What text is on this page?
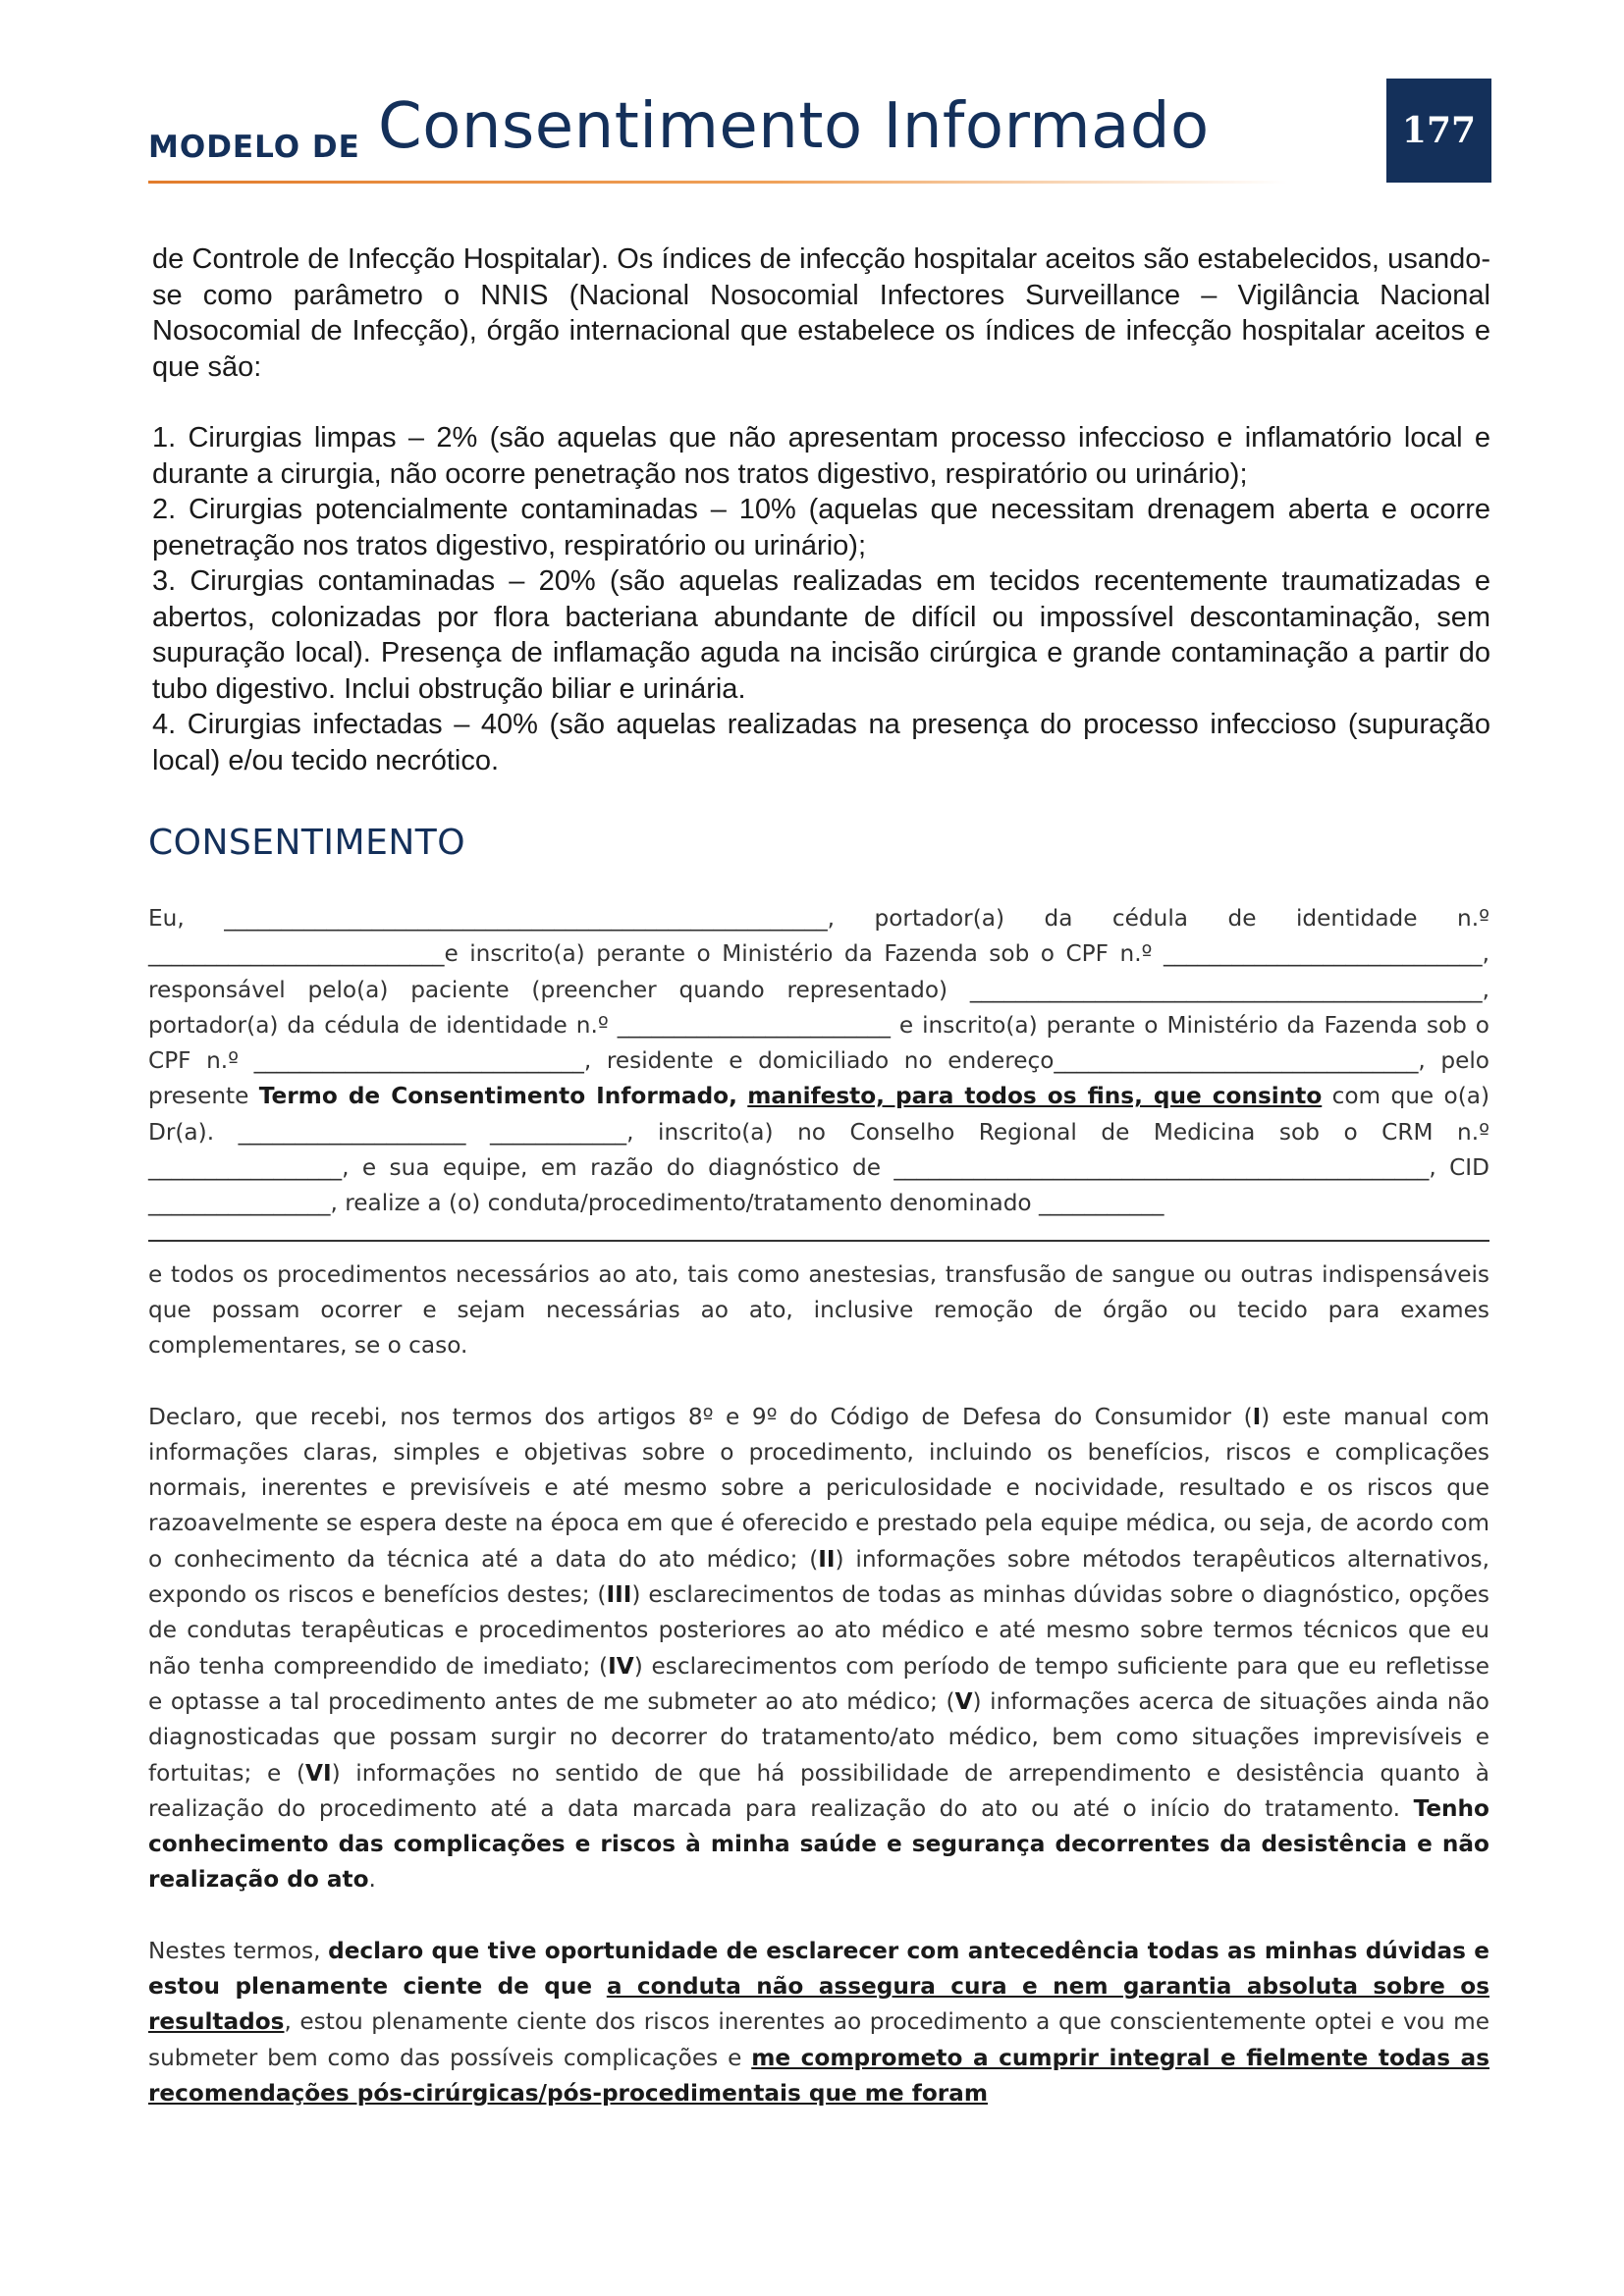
MODELO DE Consentimento Informado	177

de Controle de Infecção Hospitalar). Os índices de infecção hospitalar aceitos são estabelecidos, usando-se como parâmetro o NNIS (Nacional Nosocomial Infectores Surveillance – Vigilância Nacional Nosocomial de Infecção), órgão internacional que estabelece os índices de infecção hospitalar aceitos e que são:

1. Cirurgias limpas – 2% (são aquelas que não apresentam processo infeccioso e inflamatório local e durante a cirurgia, não ocorre penetração nos tratos digestivo, respiratório ou urinário);

2. Cirurgias potencialmente contaminadas – 10% (aquelas que necessitam drenagem aberta e ocorre penetração nos tratos digestivo, respiratório ou urinário);

3. Cirurgias contaminadas – 20% (são aquelas realizadas em tecidos recentemente traumatizadas e abertos, colonizadas por flora bacteriana abundante de difícil ou impossível descontaminação, sem supuração local). Presença de inflamação aguda na incisão cirúrgica e grande contaminação a partir do tubo digestivo. Inclui obstrução biliar e urinária.

4. Cirurgias infectadas – 40% (são aquelas realizadas na presença do processo infeccioso (supuração local) e/ou tecido necrótico.

CONSENTIMENTO

Eu, _____________________________________________________, portador(a) da cédula de identidade n.º __________________________e inscrito(a) perante o Ministério da Fazenda sob o CPF n.º ____________________________, responsável pelo(a) paciente (preencher quando representado) _____________________________________________, portador(a) da cédula de identidade n.º ________________________ e inscrito(a) perante o Ministério da Fazenda sob o CPF n.º _____________________________, residente e domiciliado no endereço________________________________, pelo presente Termo de Consentimento Informado, manifesto, para todos os fins, que consinto com que o(a) Dr(a). ____________________ ____________, inscrito(a) no Conselho Regional de Medicina sob o CRM n.º _________________, e sua equipe, em razão do diagnóstico de _______________________________________________, CID ________________, realize a (o) conduta/procedimento/tratamento denominado ___________

e todos os procedimentos necessários ao ato, tais como anestesias, transfusão de sangue ou outras indispensáveis que possam ocorrer e sejam necessárias ao ato, inclusive remoção de órgão ou tecido para exames complementares, se o caso.

Declaro, que recebi, nos termos dos artigos 8º e 9º do Código de Defesa do Consumidor (I) este manual com informações claras, simples e objetivas sobre o procedimento, incluindo os benefícios, riscos e complicações normais, inerentes e previsíveis e até mesmo sobre a periculosidade e nocividade, resultado e os riscos que razoavelmente se espera deste na época em que é oferecido e prestado pela equipe médica, ou seja, de acordo com o conhecimento da técnica até a data do ato médico; (II) informações sobre métodos terapêuticos alternativos, expondo os riscos e benefícios destes; (III) esclarecimentos de todas as minhas dúvidas sobre o diagnóstico, opções de condutas terapêuticas e procedimentos posteriores ao ato médico e até mesmo sobre termos técnicos que eu não tenha compreendido de imediato; (IV) esclarecimentos com período de tempo suficiente para que eu refletisse e optasse a tal procedimento antes de me submeter ao ato médico; (V) informações acerca de situações ainda não diagnosticadas que possam surgir no decorrer do tratamento/ato médico, bem como situações imprevisíveis e fortuitas; e (VI) informações no sentido de que há possibilidade de arrependimento e desistência quanto à realização do procedimento até a data marcada para realização do ato ou até o início do tratamento. Tenho conhecimento das complicações e riscos à minha saúde e segurança decorrentes da desistência e não realização do ato.

Nestes termos, declaro que tive oportunidade de esclarecer com antecedência todas as minhas dúvidas e estou plenamente ciente de que a conduta não assegura cura e nem garantia absoluta sobre os resultados, estou plenamente ciente dos riscos inerentes ao procedimento a que conscientemente optei e vou me submeter bem como das possíveis complicações e me comprometo a cumprir integral e fielmente todas as recomendações pós-cirúrgicas/pós-procedimentais que me foram
